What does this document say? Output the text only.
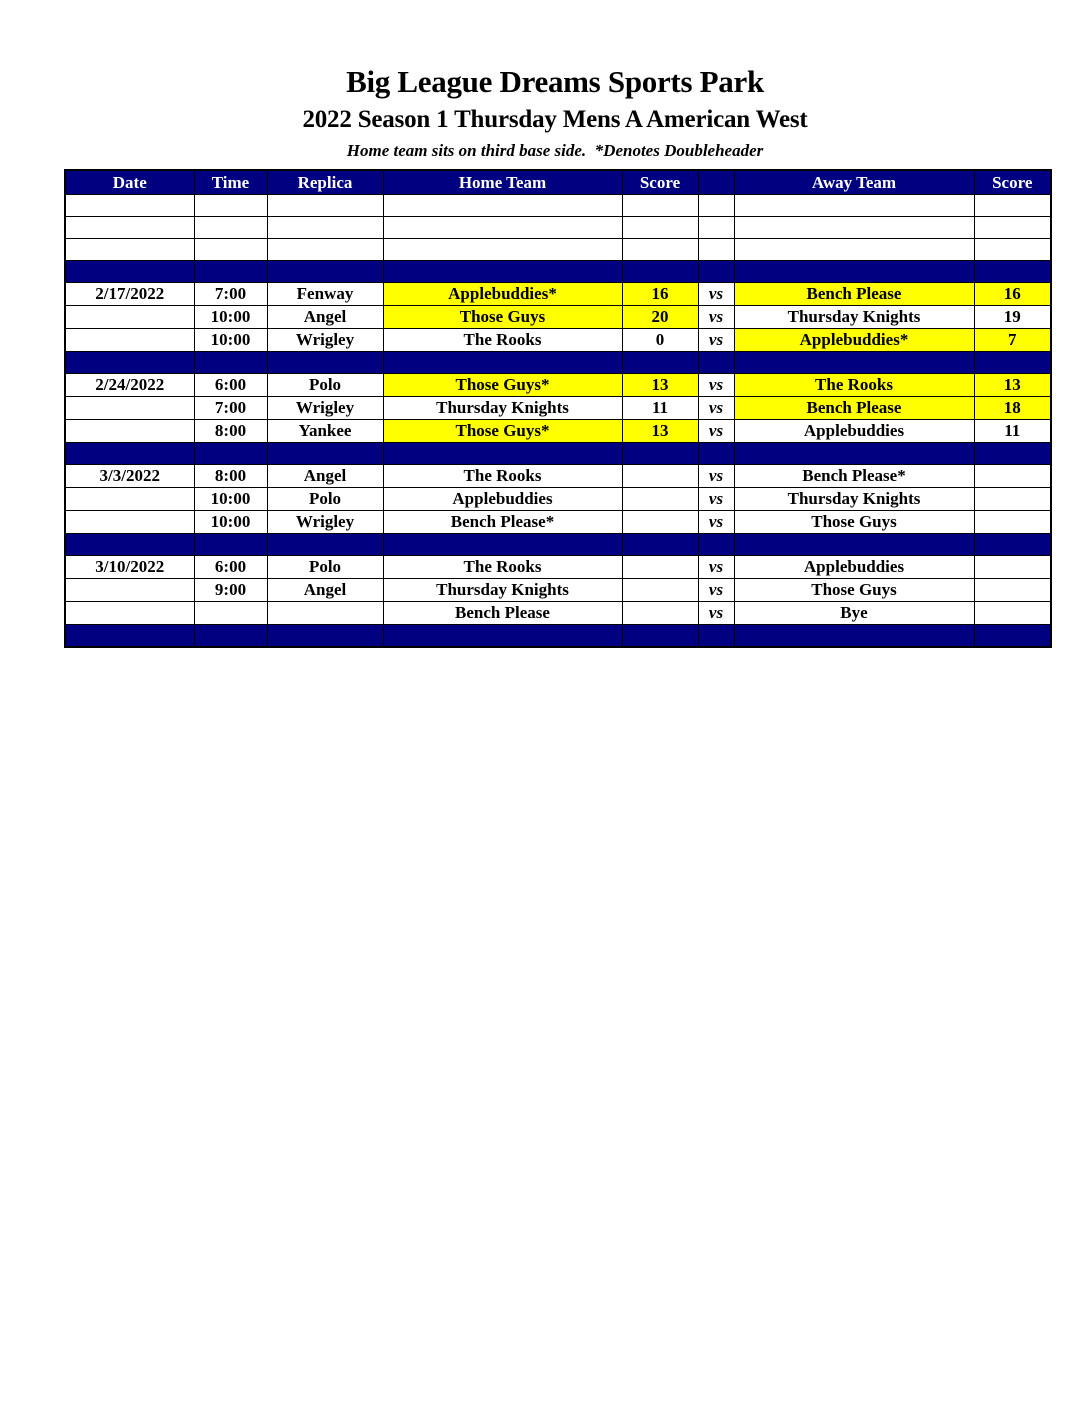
Big League Dreams Sports Park
2022 Season 1 Thursday Mens A American West
Home team sits on third base side.  *Denotes Doubleheader
Date	Time	Replica	Home Team	Score		Away Team	Score

2/17/2022	7:00	Fenway	Applebuddies*	16	vs	Bench Please	16
	10:00	Angel	Those Guys	20	vs	Thursday Knights	19
	10:00	Wrigley	The Rooks	0	vs	Applebuddies*	7

2/24/2022	6:00	Polo	Those Guys*	13	vs	The Rooks	13
	7:00	Wrigley	Thursday Knights	11	vs	Bench Please	18
	8:00	Yankee	Those Guys*	13	vs	Applebuddies	11

3/3/2022	8:00	Angel	The Rooks		vs	Bench Please*	
	10:00	Polo	Applebuddies		vs	Thursday Knights	
	10:00	Wrigley	Bench Please*		vs	Those Guys	

3/10/2022	6:00	Polo	The Rooks		vs	Applebuddies	
	9:00	Angel	Thursday Knights		vs	Those Guys	
			Bench Please		vs	Bye	
